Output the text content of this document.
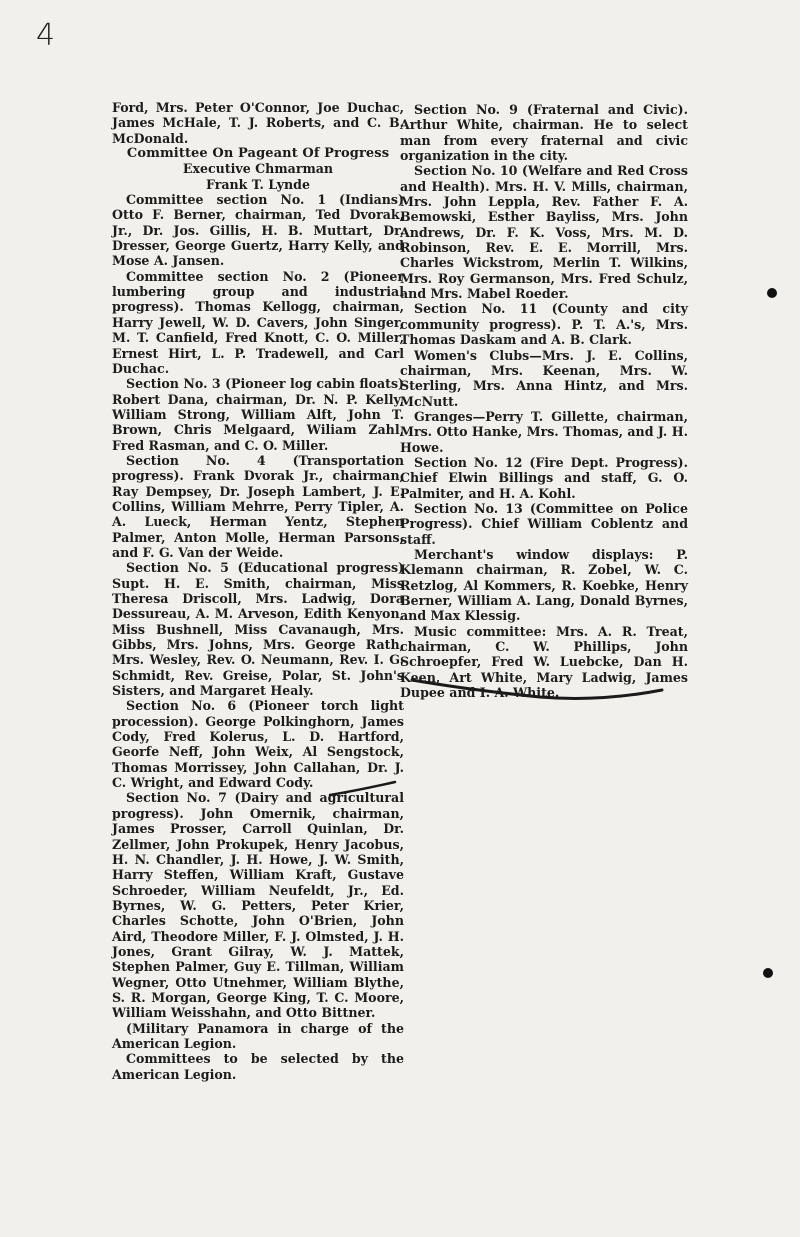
4

Ford, Mrs. Peter O'Connor, Joe Duchac, James McHale, T. J. Roberts, and C. B. McDonald.

Committee On Pageant Of Progress

Executive Chmarman

Frank T. Lynde

Committee section No. 1 (Indians) Otto F. Berner, chairman, Ted Dvorak, Jr., Dr. Jos. Gillis, H. B. Muttart, Dr. Dresser, George Guertz, Harry Kelly, and Mose A. Jansen.

Committee section No. 2 (Pioneer lumbering group and industrial progress). Thomas Kellogg, chairman, Harry Jewell, W. D. Cavers, John Singer, M. T. Canfield, Fred Knott, C. O. Miller, Ernest Hirt, L. P. Tradewell, and Carl Duchac.

Section No. 3 (Pioneer log cabin floats) Robert Dana, chairman, Dr. N. P. Kelly, William Strong, William Alft, John T. Brown, Chris Melgaard, Wiliam Zahl, Fred Rasman, and C. O. Miller.

Section No. 4 (Transportation progress). Frank Dvorak Jr., chairman, Ray Dempsey, Dr. Joseph Lambert, J. E. Collins, William Mehrre, Perry Tipler, A. A. Lueck, Herman Yentz, Stephen Palmer, Anton Molle, Herman Parsons, and F. G. Van der Weide.

Section No. 5 (Educational progress) Supt. H. E. Smith, chairman, Miss Theresa Driscoll, Mrs. Ladwig, Dora Dessureau, A. M. Arveson, Edith Kenyon, Miss Bushnell, Miss Cavanaugh, Mrs. Gibbs, Mrs. Johns, Mrs. George Rath, Mrs. Wesley, Rev. O. Neumann, Rev. I. G. Schmidt, Rev. Greise, Polar, St. John's Sisters, and Margaret Healy.

Section No. 6 (Pioneer torch light procession). George Polkinghorn, James Cody, Fred Kolerus, L. D. Hartford, Georfe Neff, John Weix, Al Sengstock, Thomas Morrissey, John Callahan, Dr. J. C. Wright, and Edward Cody.

Section No. 7 (Dairy and agricultural progress). John Omernik, chairman, James Prosser, Carroll Quinlan, Dr. Zellmer, John Prokupek, Henry Jacobus, H. N. Chandler, J. H. Howe, J. W. Smith, Harry Steffen, William Kraft, Gustave Schroeder, William Neufeldt, Jr., Ed. Byrnes, W. G. Petters, Peter Krier, Charles Schotte, John O'Brien, John Aird, Theodore Miller, F. J. Olmsted, J. H. Jones, Grant Gilray, W. J. Mattek, Stephen Palmer, Guy E. Tillman, William Wegner, Otto Utnehmer, William Blythe, S. R. Morgan, George King, T. C. Moore, William Weisshahn, and Otto Bittner.

(Military Panamora in charge of the American Legion.

Committees to be selected by the American Legion.

Section No. 9 (Fraternal and Civic). Arthur White, chairman. He to select man from every fraternal and civic organization in the city.

Section No. 10 (Welfare and Red Cross and Health). Mrs. H. V. Mills, chairman, Mrs. John Leppla, Rev. Father F. A. Bemowski, Esther Bayliss, Mrs. John Andrews, Dr. F. K. Voss, Mrs. M. D. Robinson, Rev. E. E. Morrill, Mrs. Charles Wickstrom, Merlin T. Wilkins, Mrs. Roy Germanson, Mrs. Fred Schulz, and Mrs. Mabel Roeder.

Section No. 11 (County and city community progress). P. T. A.'s, Mrs. Thomas Daskam and A. B. Clark.

Women's Clubs—Mrs. J. E. Collins, chairman, Mrs. Keenan, Mrs. W. Sterling, Mrs. Anna Hintz, and Mrs. McNutt.

Granges—Perry T. Gillette, chairman, Mrs. Otto Hanke, Mrs. Thomas, and J. H. Howe.

Section No. 12 (Fire Dept. Progress). Chief Elwin Billings and staff, G. O. Palmiter, and H. A. Kohl.

Section No. 13 (Committee on Police Progress). Chief William Coblentz and staff.

Merchant's window displays: P. Klemann chairman, R. Zobel, W. C. Retzlog, Al Kommers, R. Koebke, Henry Berner, William A. Lang, Donald Byrnes, and Max Klessig.

Music committee: Mrs. A. R. Treat, chairman, C. W. Phillips, John Schroepfer, Fred W. Luebcke, Dan H. Keen, Art White, Mary Ladwig, James Dupee and I. A. White.
